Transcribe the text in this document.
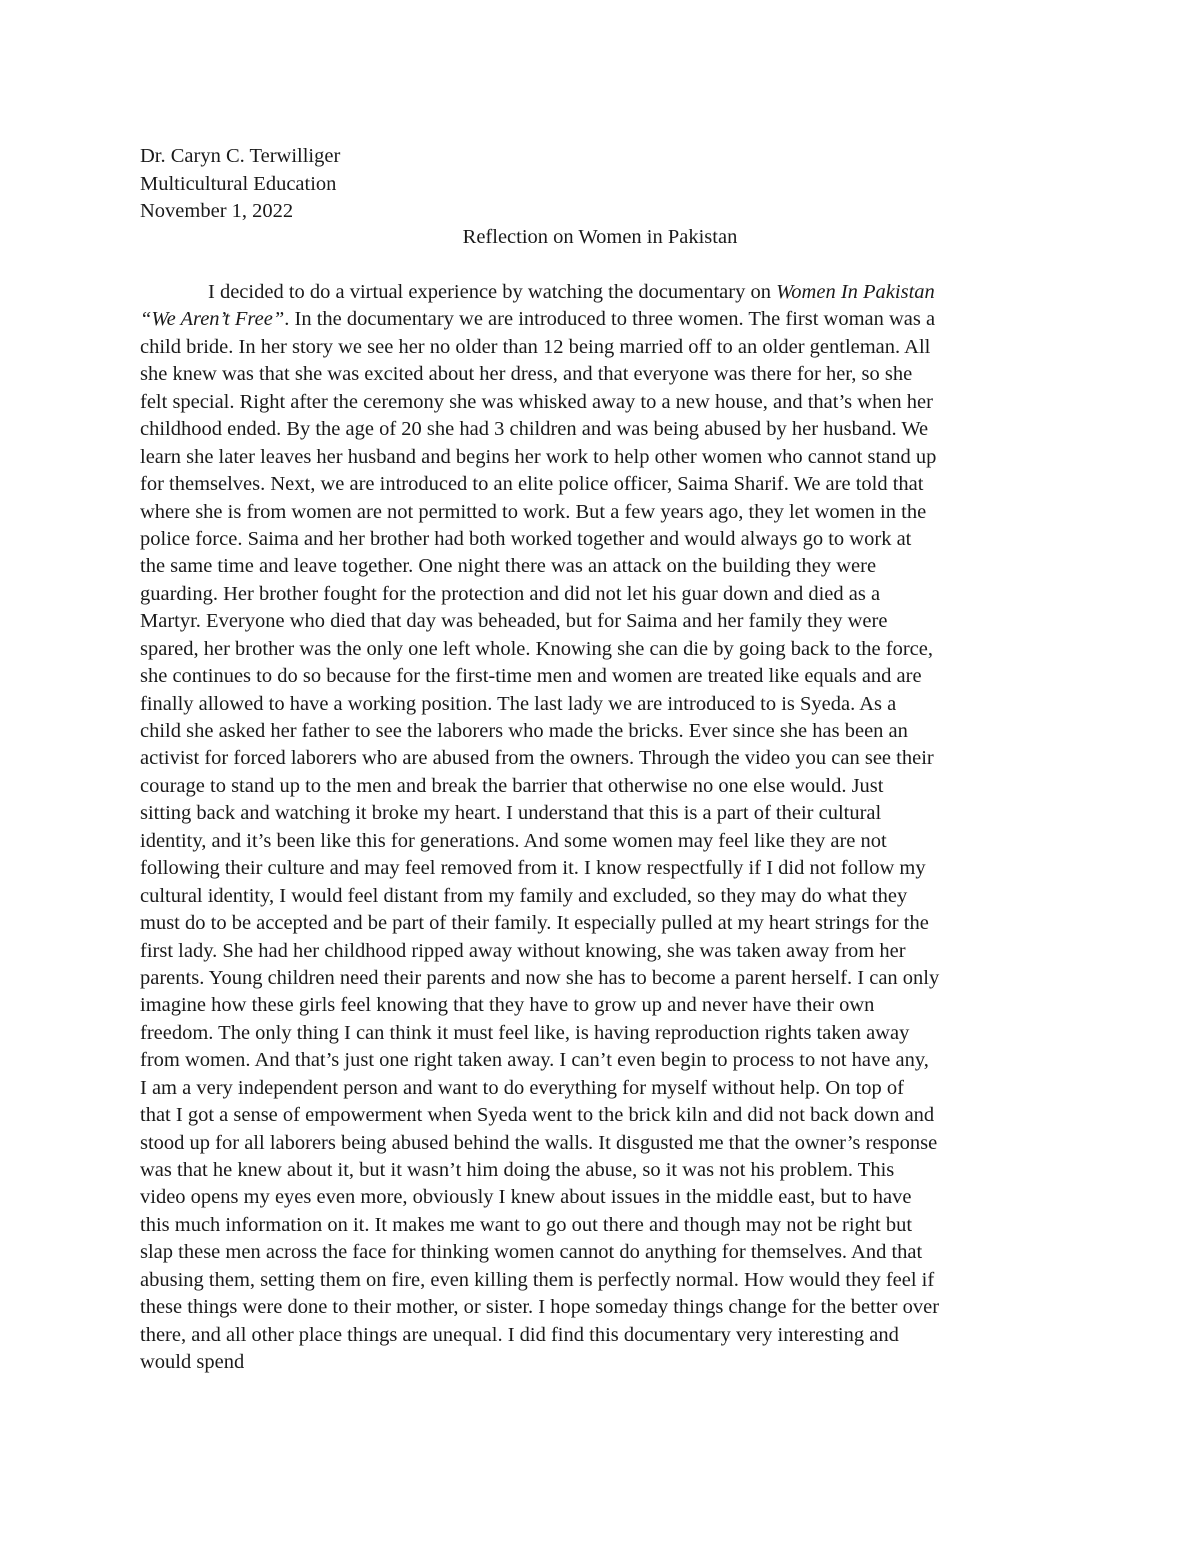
Dr. Caryn C. Terwilliger
Multicultural Education
November 1, 2022
Reflection on Women in Pakistan
I decided to do a virtual experience by watching the documentary on Women In Pakistan
“We Aren’t Free”. In the documentary we are introduced to three women. The first woman was a
child bride. In her story we see her no older than 12 being married off to an older gentleman. All
she knew was that she was excited about her dress, and that everyone was there for her, so she
felt special. Right after the ceremony she was whisked away to a new house, and that’s when her
childhood ended. By the age of 20 she had 3 children and was being abused by her husband. We
learn she later leaves her husband and begins her work to help other women who cannot stand up
for themselves. Next, we are introduced to an elite police officer, Saima Sharif. We are told that
where she is from women are not permitted to work. But a few years ago, they let women in the
police force. Saima and her brother had both worked together and would always go to work at
the same time and leave together. One night there was an attack on the building they were
guarding. Her brother fought for the protection and did not let his guar down and died as a
Martyr. Everyone who died that day was beheaded, but for Saima and her family they were
spared, her brother was the only one left whole. Knowing she can die by going back to the force,
she continues to do so because for the first-time men and women are treated like equals and are
finally allowed to have a working position. The last lady we are introduced to is Syeda. As a
child she asked her father to see the laborers who made the bricks. Ever since she has been an
activist for forced laborers who are abused from the owners. Through the video you can see their
courage to stand up to the men and break the barrier that otherwise no one else would. Just
sitting back and watching it broke my heart. I understand that this is a part of their cultural
identity, and it’s been like this for generations. And some women may feel like they are not
following their culture and may feel removed from it. I know respectfully if I did not follow my
cultural identity, I would feel distant from my family and excluded, so they may do what they
must do to be accepted and be part of their family. It especially pulled at my heart strings for the
first lady. She had her childhood ripped away without knowing, she was taken away from her
parents. Young children need their parents and now she has to become a parent herself. I can only
imagine how these girls feel knowing that they have to grow up and never have their own
freedom. The only thing I can think it must feel like, is having reproduction rights taken away
from women. And that’s just one right taken away. I can’t even begin to process to not have any,
I am a very independent person and want to do everything for myself without help. On top of
that I got a sense of empowerment when Syeda went to the brick kiln and did not back down and
stood up for all laborers being abused behind the walls. It disgusted me that the owner’s response
was that he knew about it, but it wasn’t him doing the abuse, so it was not his problem. This
video opens my eyes even more, obviously I knew about issues in the middle east, but to have
this much information on it. It makes me want to go out there and though may not be right but
slap these men across the face for thinking women cannot do anything for themselves. And that
abusing them, setting them on fire, even killing them is perfectly normal. How would they feel if
these things were done to their mother, or sister. I hope someday things change for the better over
there, and all other place things are unequal. I did find this documentary very interesting and
would spend
